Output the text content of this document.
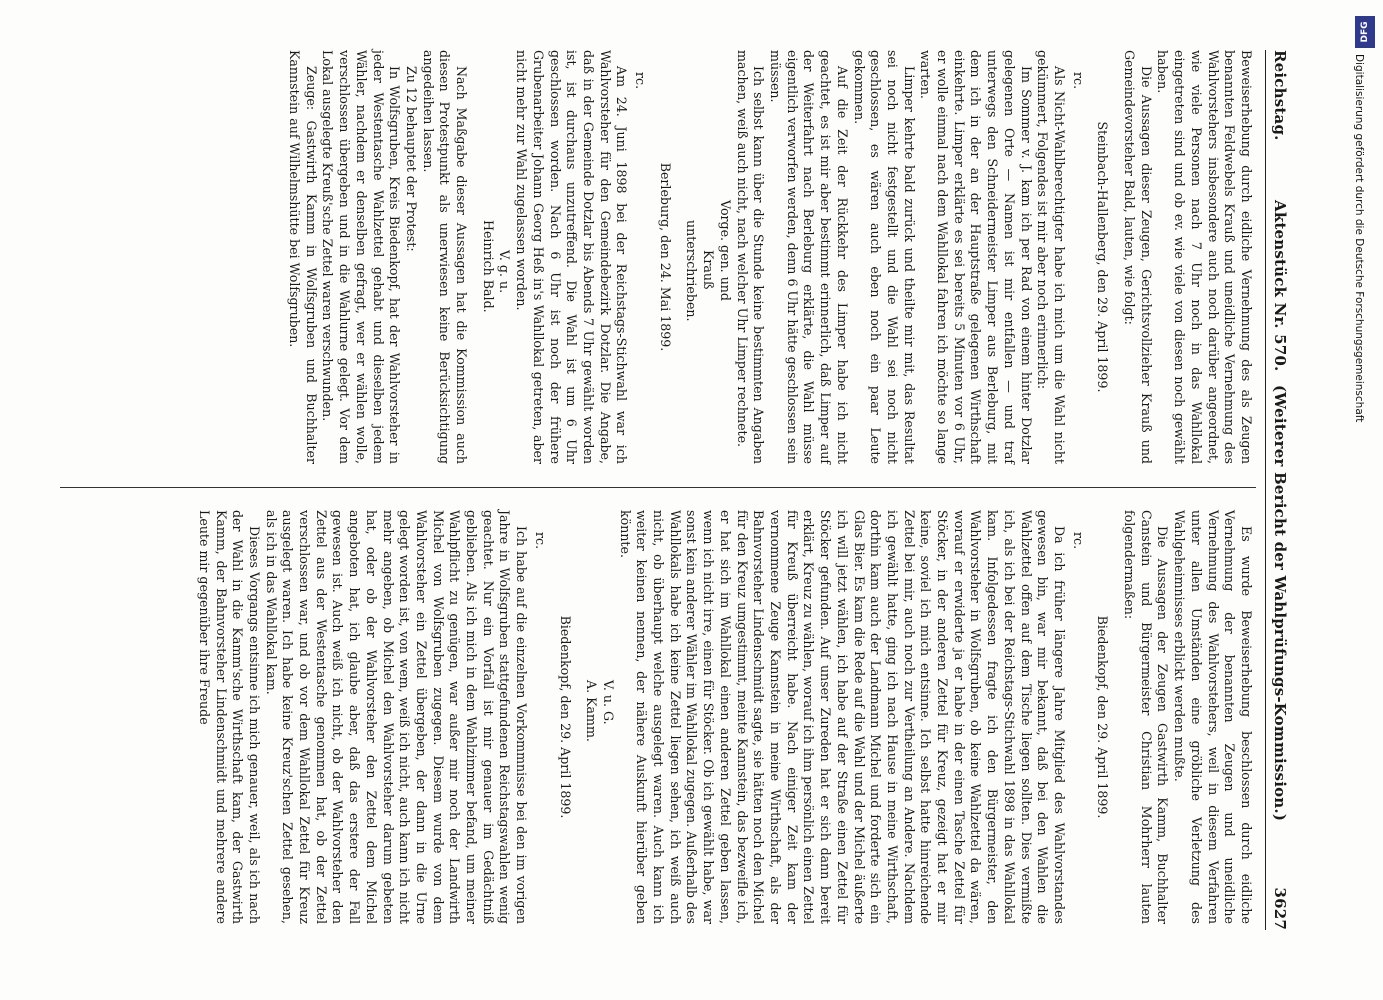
Reichstag.
Aktenstück Nr. 570.
(Weiterer Bericht der Wahlprüfungs-Kommission.)
3627

Beweiserhebung durch eidliche Vernehmung des als Zeugen benannten Feldwebels Krauß und uneidliche Vernehmung des Wahlvorstehers insbesondere auch noch darüber angeordnet, wie viele Personen nach 7 Uhr noch in das Wahllokal eingetreten sind und ob ev. wie viele von diesen noch gewählt haben.

Die Aussagen dieser Zeugen, Gerichtsvollzieher Krauß und Gemeindevorsteher Bald, lauten, wie folgt:

Steinbach-Hallenberg, den 29. April 1899.

rc.

Als Nicht-Wahlberechtigter habe ich mich um die Wahl nicht gekümmert, Folgendes ist mir aber noch erinnerlich:

Im Sommer v. J. kam ich per Rad von einem hinter Dotzlar gelegenen Orte — Namen ist mir entfallen — und traf unterwegs den Schneidermeister Limper aus Berleburg, mit dem ich in der an der Hauptstraße gelegenen Wirthschaft einkehrte. Limper erklärte es sei bereits 5 Minuten vor 6 Uhr, er wolle einmal nach dem Wahllokal fahren ich möchte so lange warten.

Limper kehrte bald zurück und theilte mir mit, das Resultat sei noch nicht festgestellt und die Wahl sei noch nicht geschlossen, es wären auch eben noch ein paar Leute gekommen.

Auf die Zeit der Rückkehr des Limper habe ich nicht geachtet, es ist mir aber bestimmt erinnerlich, daß Limper auf der Weiterfahrt nach Berleburg erklärte, die Wahl müsse eigentlich verworfen werden, denn 6 Uhr hätte geschlossen sein müssen.

Ich selbst kann über die Stunde keine bestimmten Angaben machen, weiß auch nicht, nach welcher Uhr Limper rechnete.

Vorge. gen. und

Krauß

unterschrieben.

Berleburg, den 24. Mai 1899.

rc.

Am 24. Juni 1898 bei der Reichstags-Stichwahl war ich Wahlvorsteher für den Gemeindebezirk Dotzlar. Die Angabe, daß in der Gemeinde Dotzlar bis Abends 7 Uhr gewählt worden ist, ist durchaus unzutreffend. Die Wahl ist um 6 Uhr geschlossen worden. Nach 6 Uhr ist noch der frühere Grubenarbeiter Johann Georg Heß in's Wahllokal getreten, aber nicht mehr zur Wahl zugelassen worden.

V. g. u.

Heinrich Bald.

Nach Maßgabe dieser Aussagen hat die Kommission auch diesen Protestpunkt als unerwiesen keine Berücksichtigung angedeihen lassen.

Zu 12 behauptet der Protest:

In Wolfsgruben, Kreis Biedenkopf, hat der Wahlvorsteher in jeder Westentasche Wahlzettel gehabt und dieselben jedem Wähler, nachdem er denselben gefragt, wer er wählen wolle, verschlossen übergeben und in die Wahlurne gelegt. Vor dem Lokal ausgelegte Kreuß'sche Zettel waren verschwunden.

Zeuge: Gastwirth Kamm in Wolfsgruben und Buchhalter Kannstein auf Wilhelmshütte bei Wolfsgruben.

Es wurde Beweiserhebung beschlossen durch eidliche Vernehmung der benannten Zeugen und uneidliche Vernehmung des Wahlvorstehers, weil in diesem Verfahren unter allen Umständen eine gröbliche Verletzung des Wahlgeheimnisses erblickt werden mußte.

Die Aussagen der Zeugen Gastwirth Kamm, Buchhalter Canstein und Bürgermeister Christian Mohrherr lauten folgendermaßen:

Biedenkopf, den 29. April 1899.

rc.

Da ich früher längere Jahre Mitglied des Wahlvorstandes gewesen bin, war mir bekannt, daß bei den Wahlen die Wahlzettel offen auf dem Tische liegen sollten. Dies vermißte ich, als ich bei der Reichstags-Stichwahl 1898 in das Wahllokal kam. Infolgedessen fragte ich den Bürgermeister, den Wahlvorsteher in Wolfsgruben, ob keine Wahlzettel da wären, worauf er erwiderte ja er habe in der einen Tasche Zettel für Stöcker, in der anderen Zettel für Kreuz, gezeigt hat er mir keine, soviel ich mich entsinne. Ich selbst hatte hinreichende Zettel bei mir, auch noch zur Vertheilung an Andere. Nachdem ich gewählt hatte, ging ich nach Hause in meine Wirthschaft, dorthin kam auch der Landmann Michel und forderte sich ein Glas Bier. Es kam die Rede auf die Wahl und der Michel äußerte ich will jetzt wählen, ich habe auf der Straße einen Zettel für Stöcker gefunden. Auf unser Zureden hat er sich dann bereit erklärt, Kreuz zu wählen, worauf ich ihm persönlich einen Zettel für Kreuß überreicht habe. Nach einiger Zeit kam der vernommene Zeuge Kannstein in meine Wirthschaft, als der Bahnvorsteher Lindenschmidt sagte, sie hätten noch den Michel für den Kreuz umgestimmt, meinte Kannstein, das bezweifle ich, er hat sich im Wahllokal einen anderen Zettel geben lassen, wenn ich nicht irre, einen für Stöcker. Ob ich gewählt habe, war sonst kein anderer Wähler im Wahllokal zugegen. Außerhalb des Wahllokals habe ich keine Zettel liegen sehen, ich weiß auch nicht, ob überhaupt welche ausgelegt waren. Auch kann ich weiter keinen nennen, der nähere Auskunft hierüber geben könnte.

V. u. G.

A. Kamm.

Biedenkopf, den 29. April 1899.

rc.

Ich habe auf die einzelnen Vorkommnisse bei den im vorigen Jahre in Wolfsgruben stattgefundenen Reichstagswahlen wenig geachtet. Nur ein Vorfall ist mir genauer im Gedächtniß geblieben. Als ich mich in dem Wahlzimmer befand, um meiner Wahlpflicht zu genügen, war außer mir noch der Landwirth Michel von Wolfsgruben zugegen. Diesem wurde von dem Wahlvorsteher ein Zettel übergeben, der dann in die Urne gelegt worden ist, von wem, weiß ich nicht, auch kann ich nicht mehr angeben, ob Michel den Wahlvorsteher darum gebeten hat, oder ob der Wahlvorsteher den Zettel dem Michel angeboten hat, ich glaube aber, daß das erstere der Fall gewesen ist. Auch weiß ich nicht, ob der Wahlvorsteher den Zettel aus der Westentasche genommen hat, ob der Zettel verschlossen war, und ob vor dem Wahllokal Zettel für Kreuz ausgelegt waren. Ich habe keine Kreuz'schen Zettel gesehen, als ich in das Wahllokal kam.

Dieses Vorgangs entsinne ich mich genauer, weil, als ich nach der Wahl in die Kamm'sche Wirthschaft kam, der Gastwirth Kamm, der Bahnvorsteher Lindenschmidt und mehrere andere Leute mir gegenüber ihre Freude

DFG
Digitalisierung gefördert durch die Deutsche Forschungsgemeinschaft
